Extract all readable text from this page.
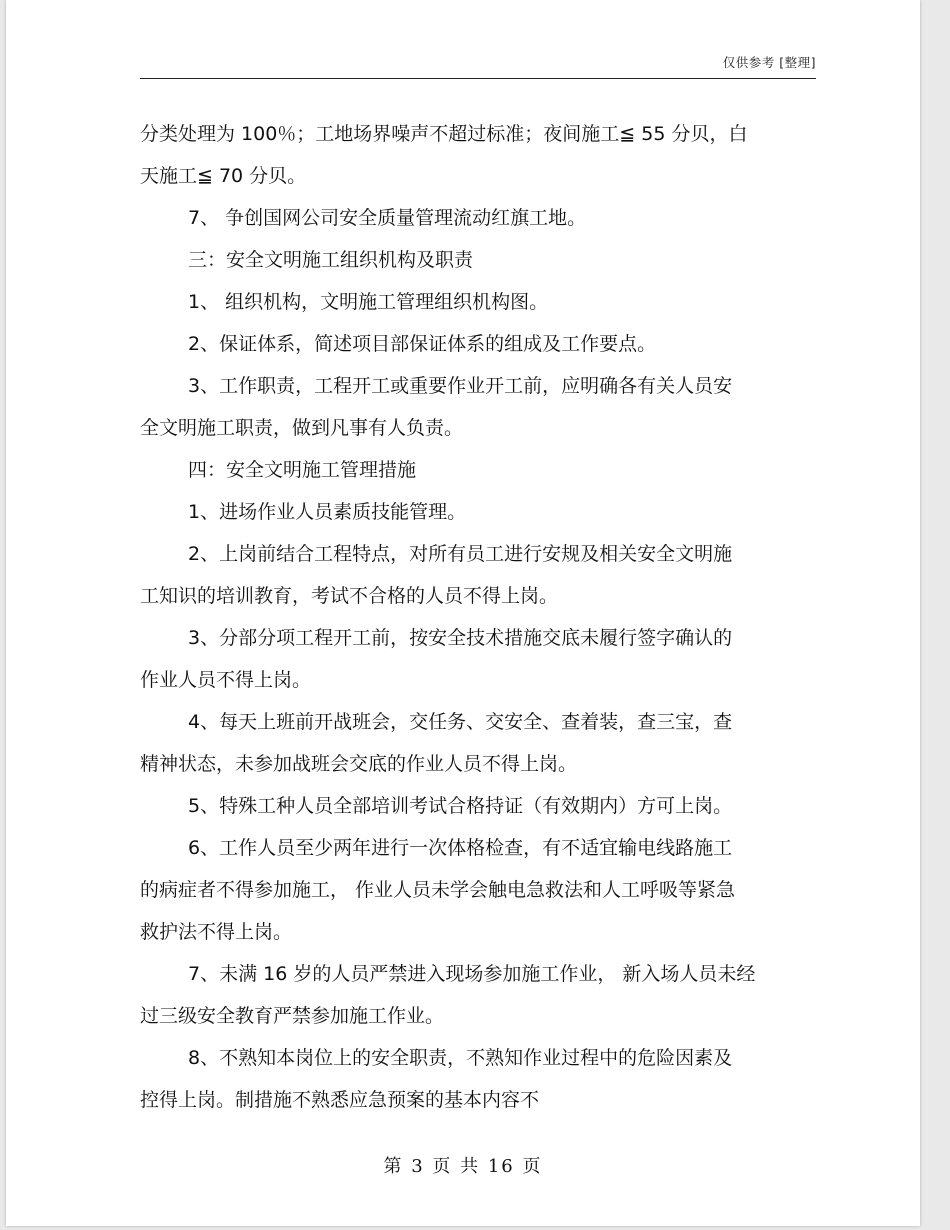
仅供参考 [整理]
分类处理为 100％；工地场界噪声不超过标准；夜间施工≦ 55 分贝，白
天施工≦ 70 分贝。
7、 争创国网公司安全质量管理流动红旗工地。
三：安全文明施工组织机构及职责
1、 组织机构，文明施工管理组织机构图。
2、保证体系，简述项目部保证体系的组成及工作要点。
3、工作职责，工程开工或重要作业开工前，应明确各有关人员安
全文明施工职责，做到凡事有人负责。
四：安全文明施工管理措施
1、进场作业人员素质技能管理。
2、上岗前结合工程特点，对所有员工进行安规及相关安全文明施
工知识的培训教育，考试不合格的人员不得上岗。
3、分部分项工程开工前，按安全技术措施交底未履行签字确认的
作业人员不得上岗。
4、每天上班前开战班会，交任务、交安全、查着装，查三宝，查
精神状态，未参加战班会交底的作业人员不得上岗。
5、特殊工种人员全部培训考试合格持证（有效期内）方可上岗。
6、工作人员至少两年进行一次体格检查，有不适宜输电线路施工
的病症者不得参加施工， 作业人员未学会触电急救法和人工呼吸等紧急
救护法不得上岗。
7、未满 16 岁的人员严禁进入现场参加施工作业， 新入场人员未经
过三级安全教育严禁参加施工作业。
8、不熟知本岗位上的安全职责，不熟知作业过程中的危险因素及
控得上岗。制措施不熟悉应急预案的基本内容不
第 3 页 共 16 页
